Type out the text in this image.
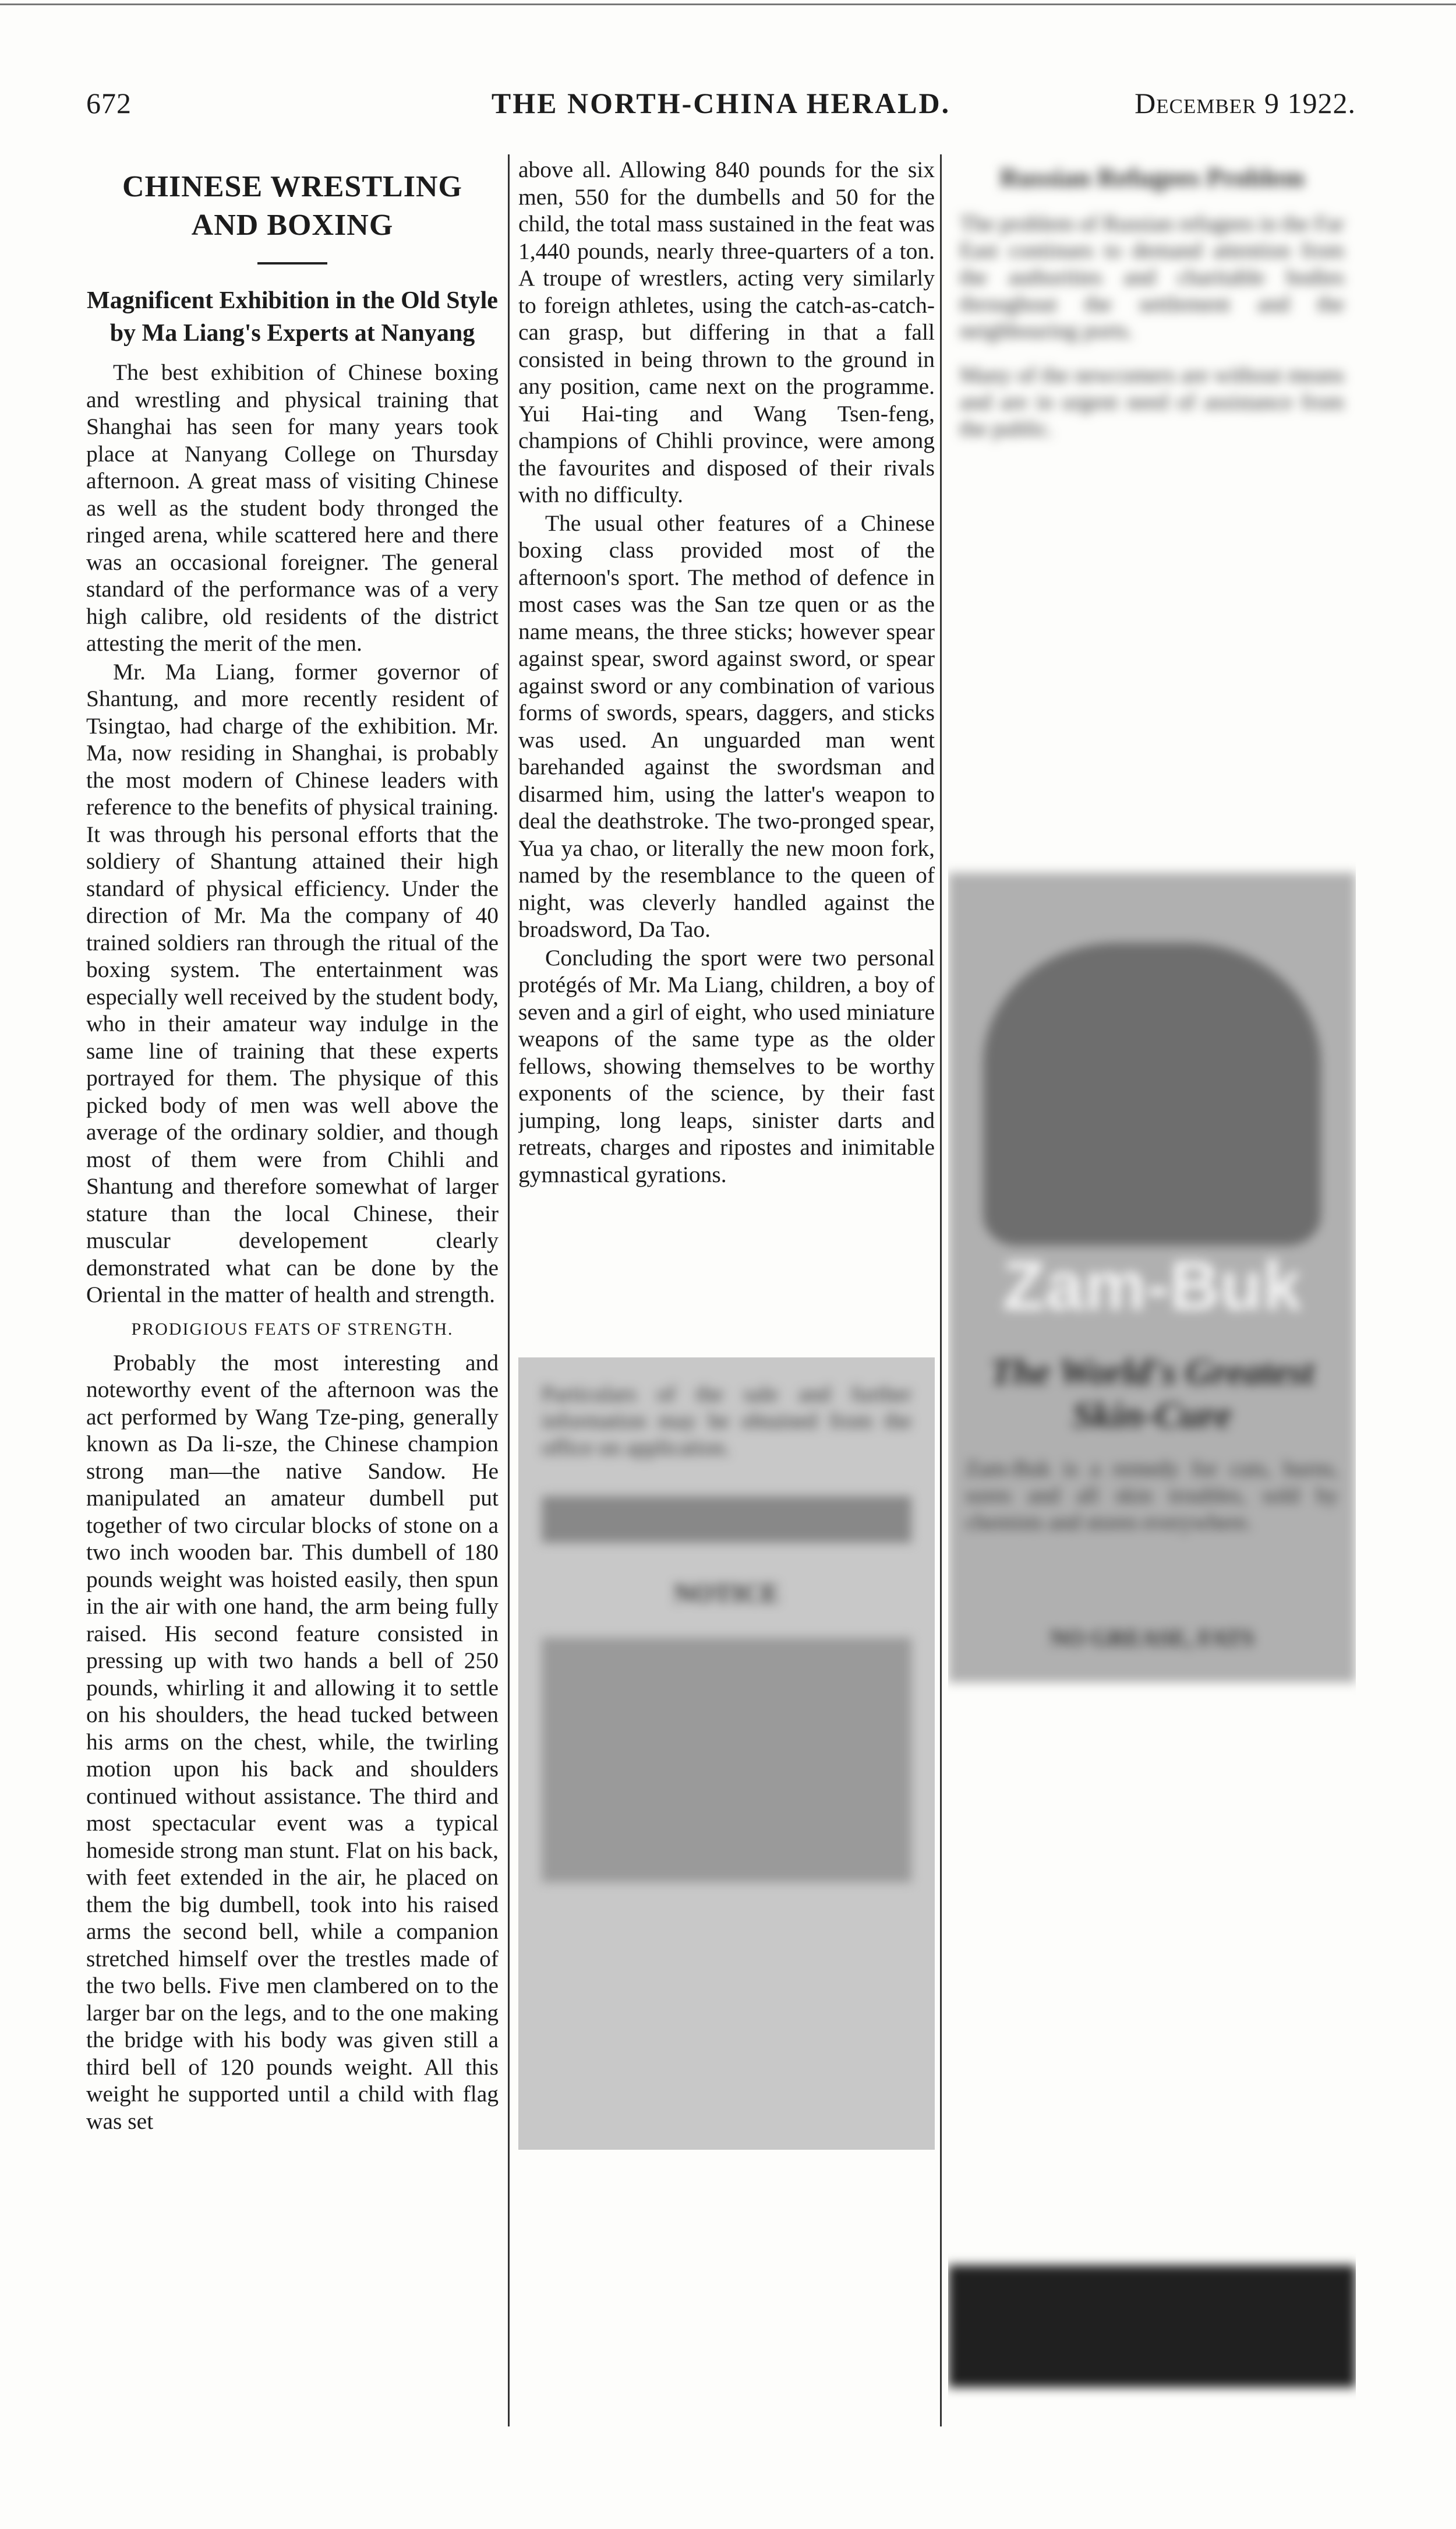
672	THE NORTH-CHINA HERALD.	December 9 1922.
CHINESE WRESTLING AND BOXING
Magnificent Exhibition in the Old Style by Ma Liang's Experts at Nanyang

The best exhibition of Chinese boxing and wrestling and physical training that Shanghai has seen for many years took place at Nanyang College on Thursday afternoon. A great mass of visiting Chinese as well as the student body thronged the ringed arena, while scattered here and there was an occasional foreigner. The general standard of the performance was of a very high calibre, old residents of the district attesting the merit of the men.

Mr. Ma Liang, former governor of Shantung, and more recently resident of Tsingtao, had charge of the exhibition. Mr. Ma, now residing in Shanghai, is probably the most modern of Chinese leaders with reference to the benefits of physical training. It was through his personal efforts that the soldiery of Shantung attained their high standard of physical efficiency. Under the direction of Mr. Ma the company of 40 trained soldiers ran through the ritual of the boxing system. The entertainment was especially well received by the student body, who in their amateur way indulge in the same line of training that these experts portrayed for them. The physique of this picked body of men was well above the average of the ordinary soldier, and though most of them were from Chihli and Shantung and therefore somewhat of larger stature than the local Chinese, their muscular developement clearly demonstrated what can be done by the Oriental in the matter of health and strength.

PRODIGIOUS FEATS OF STRENGTH.

Probably the most interesting and noteworthy event of the afternoon was the act performed by Wang Tze-ping, generally known as Da li-sze, the Chinese champion strong man—the native Sandow. He manipulated an amateur dumbell put together of two circular blocks of stone on a two inch wooden bar. This dumbell of 180 pounds weight was hoisted easily, then spun in the air with one hand, the arm being fully raised. His second feature consisted in pressing up with two hands a bell of 250 pounds, whirling it and allowing it to settle on his shoulders, the head tucked between his arms on the chest, while, the twirling motion upon his back and shoulders continued without assistance. The third and most spectacular event was a typical homeside strong man stunt. Flat on his back, with feet extended in the air, he placed on them the big dumbell, took into his raised arms the second bell, while a companion stretched himself over the trestles made of the two bells. Five men clambered on to the larger bar on the legs, and to the one making the bridge with his body was given still a third bell of 120 pounds weight. All this weight he supported until a child with flag was set

above all. Allowing 840 pounds for the six men, 550 for the dumbells and 50 for the child, the total mass sustained in the feat was 1,440 pounds, nearly three-quarters of a ton. A troupe of wrestlers, acting very similarly to foreign athletes, using the catch-as-catch-can grasp, but differing in that a fall consisted in being thrown to the ground in any position, came next on the programme. Yui Hai-ting and Wang Tsen-feng, champions of Chihli province, were among the favourites and disposed of their rivals with no difficulty.

The usual other features of a Chinese boxing class provided most of the afternoon's sport. The method of defence in most cases was the San tze quen or as the name means, the three sticks; however spear against spear, sword against sword, or spear against sword or any combination of various forms of swords, spears, daggers, and sticks was used. An unguarded man went barehanded against the swordsman and disarmed him, using the latter's weapon to deal the deathstroke. The two-pronged spear, Yua ya chao, or literally the new moon fork, named by the resemblance to the queen of night, was cleverly handled against the broadsword, Da Tao.

Concluding the sport were two personal protégés of Mr. Ma Liang, children, a boy of seven and a girl of eight, who used miniature weapons of the same type as the older fellows, showing themselves to be worthy exponents of the science, by their fast jumping, long leaps, sinister darts and retreats, charges and ripostes and inimitable gymnastical gyrations.

Particulars of the sale and further information may be obtained from the office on application.
NOTICE
Russian Refugees Problem
The problem of Russian refugees in the Far East continues to demand attention from the authorities and charitable bodies throughout the settlement and the neighbouring ports.
Many of the newcomers are without means and are in urgent need of assistance from the public.
Zam-Buk
The World's Greatest Skin-Cure
Zam-Buk is a remedy for cuts, burns, sores and all skin troubles, sold by chemists and stores everywhere.
NO GREASE, FATS
